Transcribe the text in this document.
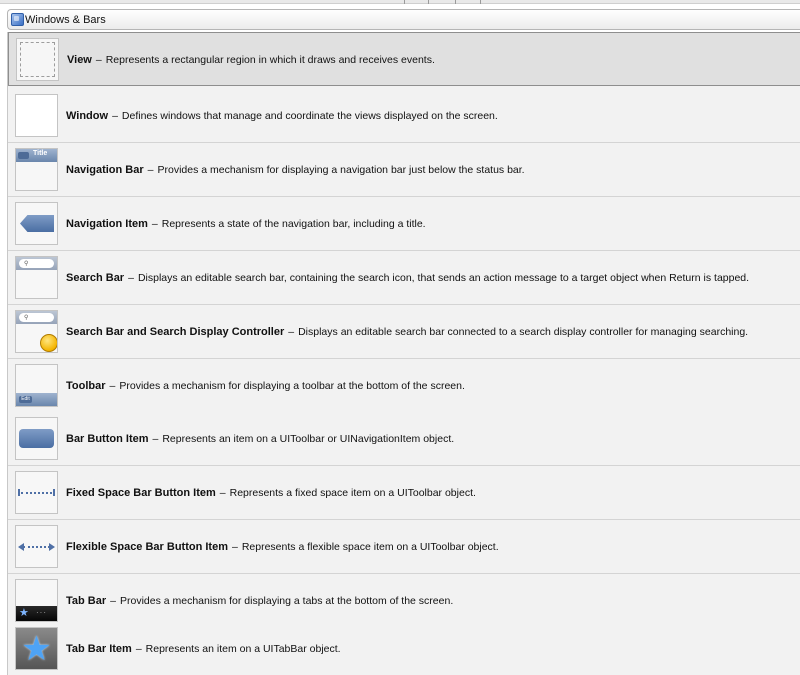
Windows & Bars
View – Represents a rectangular region in which it draws and receives events.
Window – Defines windows that manage and coordinate the views displayed on the screen.
Title
Navigation Bar – Provides a mechanism for displaying a navigation bar just below the status bar.
Navigation Item – Represents a state of the navigation bar, including a title.
⚲
Search Bar – Displays an editable search bar, containing the search icon, that sends an action message to a target object when Return is tapped.
⚲
Search Bar and Search Display Controller – Displays an editable search bar connected to a search display controller for managing searching.
Edit
Toolbar – Provides a mechanism for displaying a toolbar at the bottom of the screen.
Bar Button Item – Represents an item on a UIToolbar or UINavigationItem object.
Fixed Space Bar Button Item – Represents a fixed space item on a UIToolbar object.
Flexible Space Bar Button Item – Represents a flexible space item on a UIToolbar object.
★ ···
Tab Bar – Provides a mechanism for displaying a tabs at the bottom of the screen.
★ Tab Bar Item – Represents an item on a UITabBar object.
